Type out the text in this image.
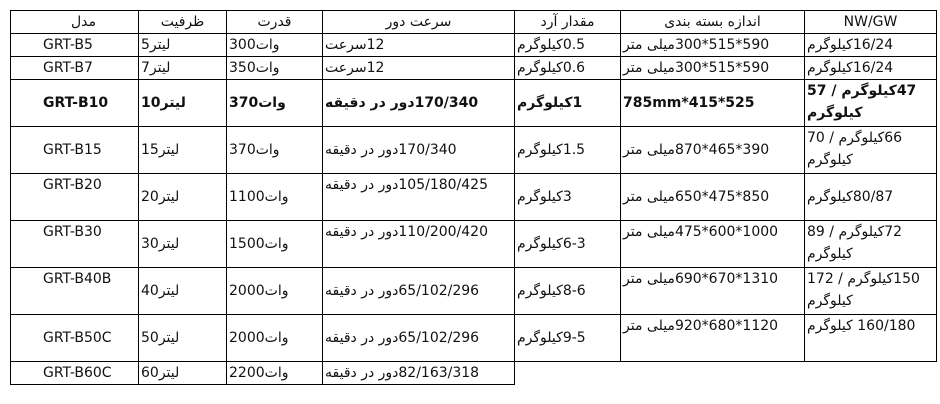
مدل	ظرفیت	قدرت	سرعت دور	مقدار آرد	اندازه بسته بندی	NW/GW
GRT-B5	5لیتر	300وات	12سرعت	0.5کیلوگرم	590*515*300میلی متر	16/24کیلوگرم
GRT-B7	7لیتر	350وات	12سرعت	0.6کیلوگرم	590*515*300میلی متر	16/24کیلوگرم
GRT-B10	10لیتر	370وات	170/340دور در دقیقه	1کیلوگرم	525*415*785mm	47کیلوگرم / 57 کیلوگرم
GRT-B15	15لیتر	370وات	170/340دور در دقیقه	1.5کیلوگرم	390*465*870میلی متر	66کیلوگرم / 70 کیلوگرم
GRT-B20	20لیتر	1100وات	105/180/425دور در دقیقه	3کیلوگرم	850*475*650میلی متر	80/87کیلوگرم
GRT-B30	30لیتر	1500وات	110/200/420دور در دقیقه	6-3کیلوگرم	1000*600*475میلی متر	72کیلوگرم / 89 کیلوگرم
GRT-B40B	40لیتر	2000وات	65/102/296دور در دقیقه	8-6کیلوگرم	1310*670*690میلی متر	150کیلوگرم / 172 کیلوگرم
GRT-B50C	50لیتر	2000وات	65/102/296دور در دقیقه	9-5کیلوگرم	1120*680*920میلی متر	160/180 کیلوگرم
GRT-B60C	60لیتر	2200وات	82/163/318دور در دقیقه			
